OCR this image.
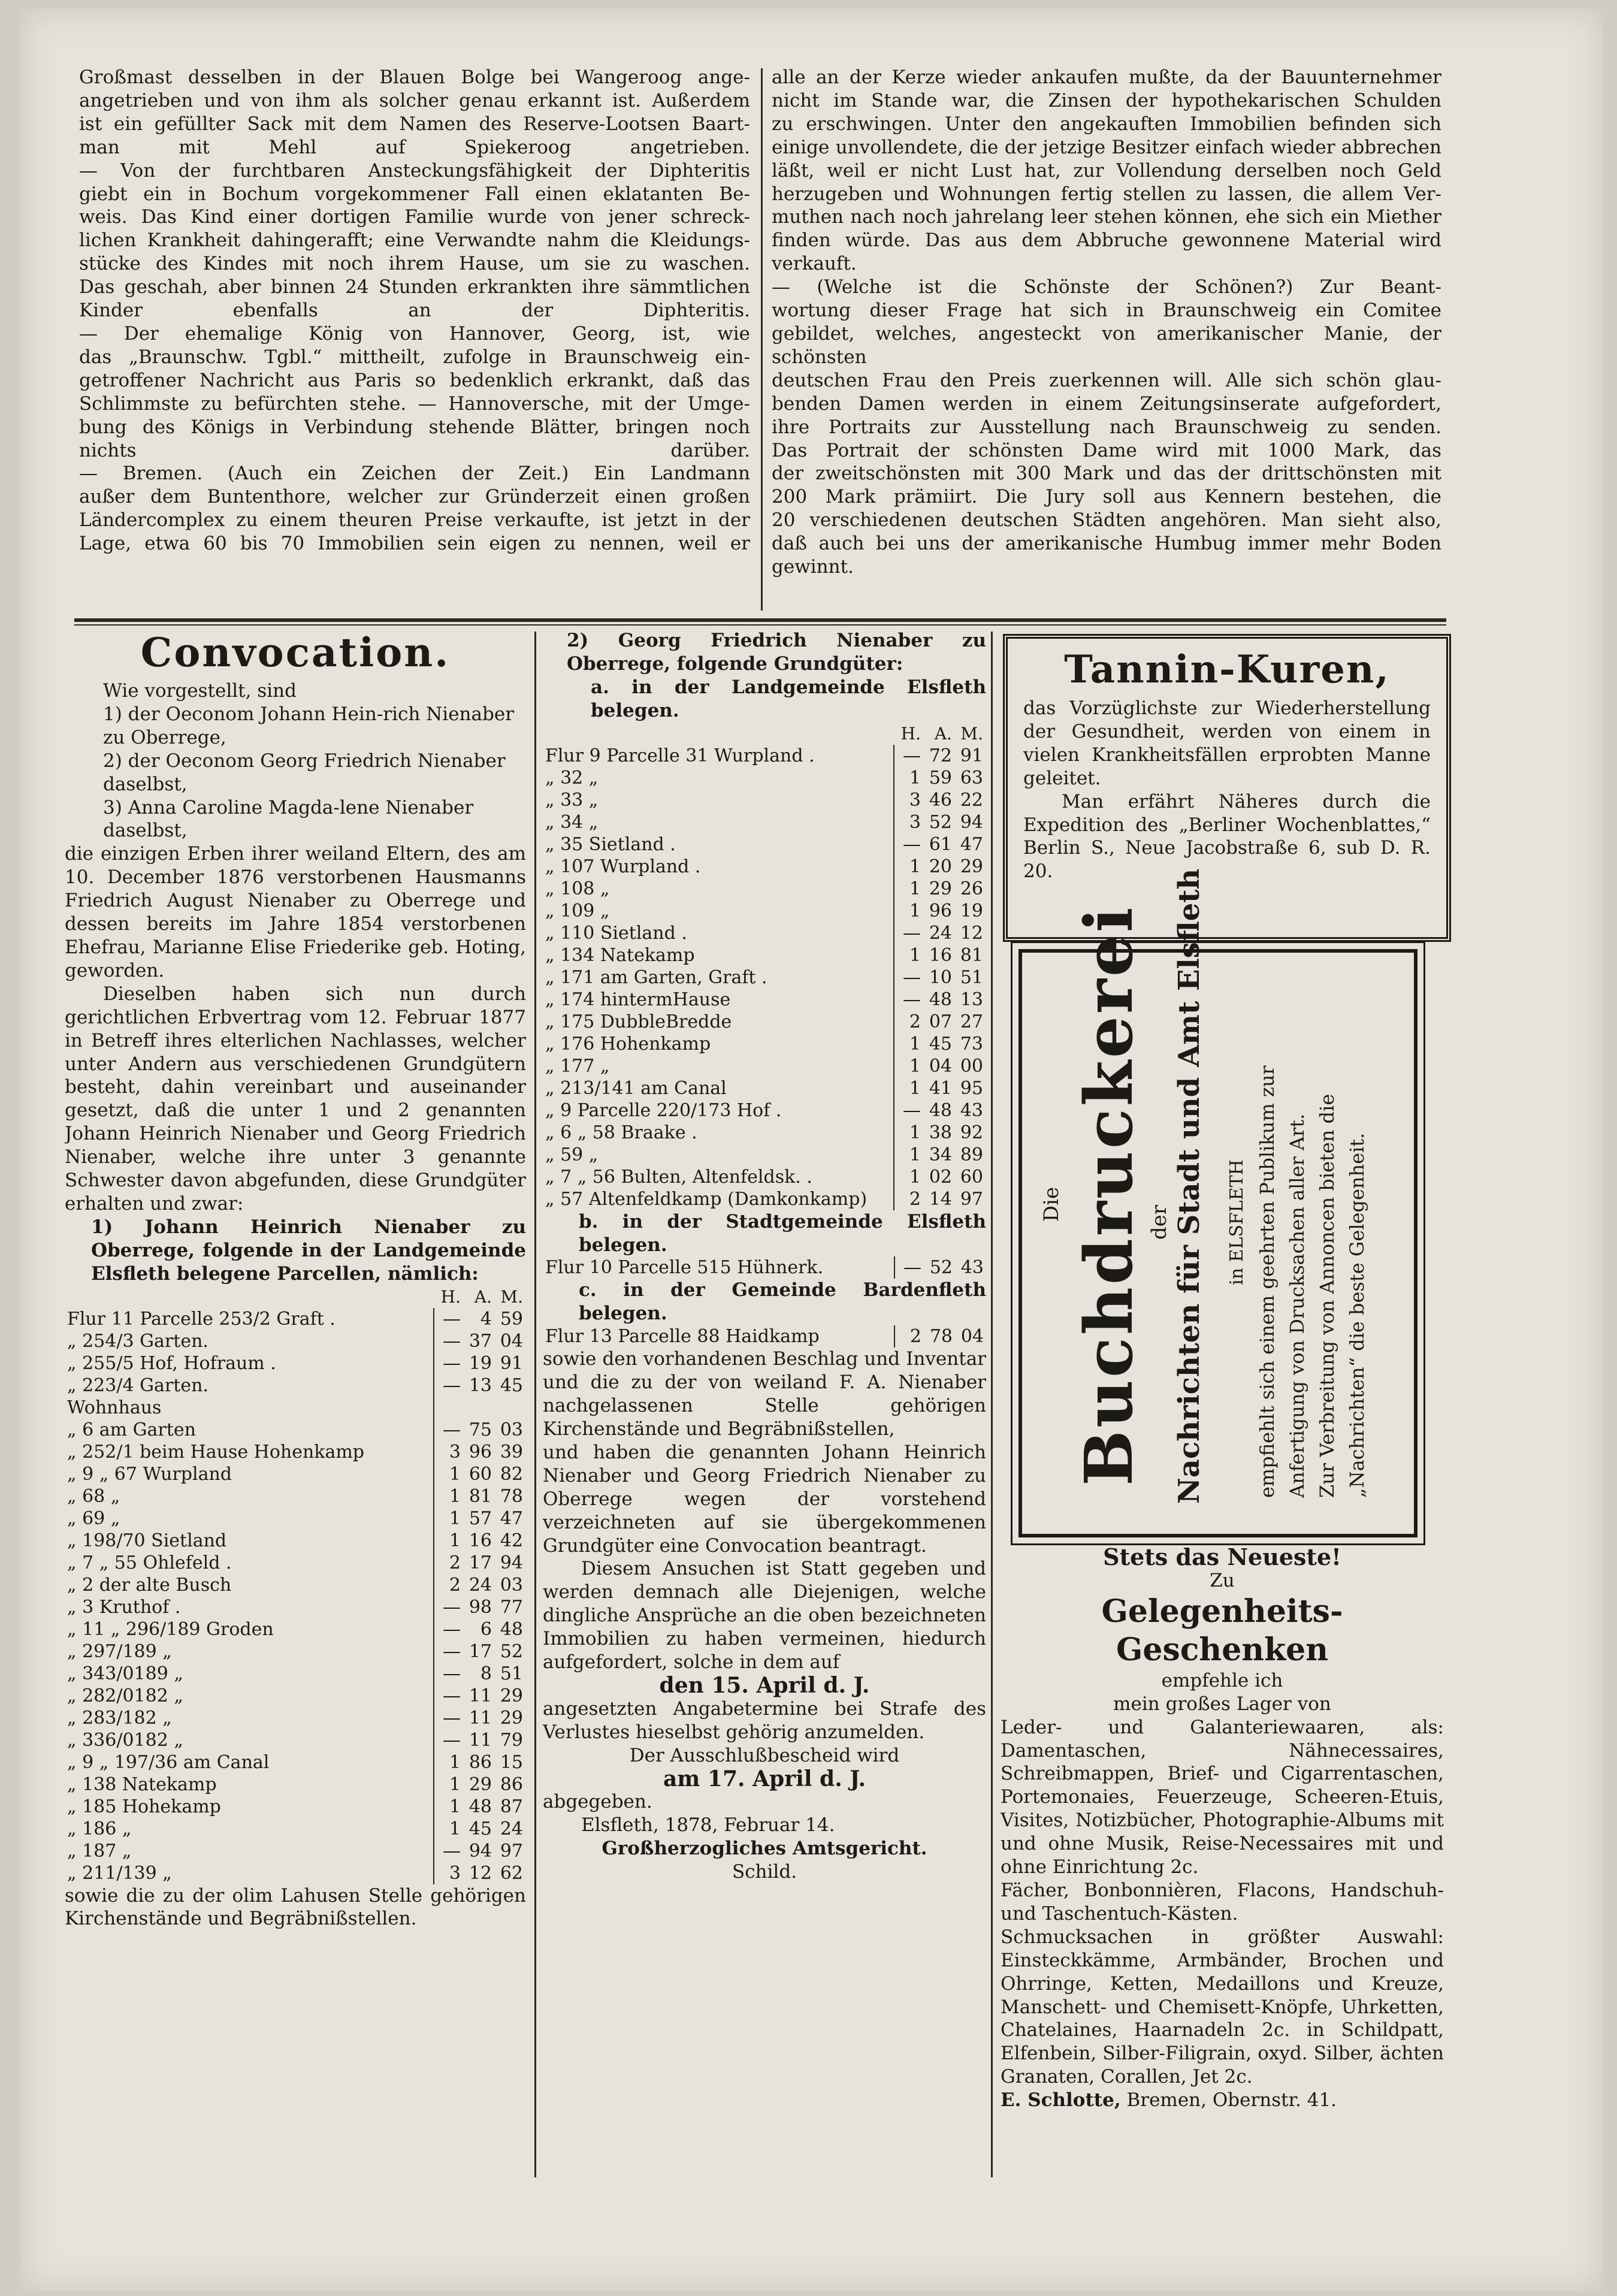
Großmast desselben in der Blauen Bolge bei Wangeroog ange-
angetrieben und von ihm als solcher genau erkannt ist. Außerdem
ist ein gefüllter Sack mit dem Namen des Reserve-Lootsen Baart-
man mit Mehl auf Spiekeroog angetrieben.
— Von der furchtbaren Ansteckungsfähigkeit der Diphteritis
giebt ein in Bochum vorgekommener Fall einen eklatanten Be-
weis. Das Kind einer dortigen Familie wurde von jener schreck-
lichen Krankheit dahingerafft; eine Verwandte nahm die Kleidungs-
stücke des Kindes mit noch ihrem Hause, um sie zu waschen.
Das geschah, aber binnen 24 Stunden erkrankten ihre sämmtlichen
Kinder ebenfalls an der Diphteritis.
— Der ehemalige König von Hannover, Georg, ist, wie
das „Braunschw. Tgbl.“ mittheilt, zufolge in Braunschweig ein-
getroffener Nachricht aus Paris so bedenklich erkrankt, daß das
Schlimmste zu befürchten stehe. — Hannoversche, mit der Umge-
bung des Königs in Verbindung stehende Blätter, bringen noch
nichts darüber.
— Bremen. (Auch ein Zeichen der Zeit.) Ein Landmann
außer dem Buntenthore, welcher zur Gründerzeit einen großen
Ländercomplex zu einem theuren Preise verkaufte, ist jetzt in der
Lage, etwa 60 bis 70 Immobilien sein eigen zu nennen, weil er
alle an der Kerze wieder ankaufen mußte, da der Bauunternehmer
nicht im Stande war, die Zinsen der hypothekarischen Schulden
zu erschwingen. Unter den angekauften Immobilien befinden sich
einige unvollendete, die der jetzige Besitzer einfach wieder abbrechen
läßt, weil er nicht Lust hat, zur Vollendung derselben noch Geld
herzugeben und Wohnungen fertig stellen zu lassen, die allem Ver-
muthen nach noch jahrelang leer stehen können, ehe sich ein Miether
finden würde. Das aus dem Abbruche gewonnene Material wird
verkauft.
— (Welche ist die Schönste der Schönen?) Zur Beant-
wortung dieser Frage hat sich in Braunschweig ein Comitee
gebildet, welches, angesteckt von amerikanischer Manie, der schönsten
deutschen Frau den Preis zuerkennen will. Alle sich schön glau-
benden Damen werden in einem Zeitungsinserate aufgefordert,
ihre Portraits zur Ausstellung nach Braunschweig zu senden.
Das Portrait der schönsten Dame wird mit 1000 Mark, das
der zweitschönsten mit 300 Mark und das der drittschönsten mit
200 Mark prämiirt. Die Jury soll aus Kennern bestehen, die
20 verschiedenen deutschen Städten angehören. Man sieht also,
daß auch bei uns der amerikanische Humbug immer mehr Boden
gewinnt.
Convocation.

Wie vorgestellt, sind

1) der Oeconom Johann Hein-rich Nienaber zu Oberrege,
2) der Oeconom Georg Friedrich Nienaber daselbst,
3) Anna Caroline Magda-lene Nienaber daselbst,

die einzigen Erben ihrer weiland Eltern, des am 10. December 1876 verstorbenen Hausmanns Friedrich August Nienaber zu Oberrege und dessen bereits im Jahre 1854 verstorbenen Ehefrau, Marianne Elise Friederike geb. Hoting, geworden.

Dieselben haben sich nun durch gerichtlichen Erbvertrag vom 12. Februar 1877 in Betreff ihres elterlichen Nachlasses, welcher unter Andern aus verschiedenen Grundgütern besteht, dahin vereinbart und auseinander gesetzt, daß die unter 1 und 2 genannten Johann Heinrich Nienaber und Georg Friedrich Nienaber, welche ihre unter 3 genannte Schwester davon abgefunden, diese Grundgüter erhalten und zwar:

1) Johann Heinrich Nienaber zu Oberrege, folgende in der Landgemeinde Elsfleth belegene Parcellen, nämlich:

	H.	A.	M.
Flur 11 Parcelle 253/2 Graft .	—	4	59
„ 254/3 Garten.	—	37	04
„ 255/5 Hof, Hofraum .	—	19	91
„ 223/4 Garten.	—	13	45
Wohnhaus			
„ 6 am Garten	—	75	03
„ 252/1 beim Hause Hohenkamp	3	96	39
„ 9 „ 67 Wurpland	1	60	82
„ 68 „	1	81	78
„ 69 „	1	57	47
„ 198/70 Sietland	1	16	42
„ 7 „ 55 Ohlefeld .	2	17	94
„ 2 der alte Busch	2	24	03
„ 3 Kruthof .	—	98	77
„ 11 „ 296/189 Groden	—	6	48
„ 297/189 „	—	17	52
„ 343/0189 „	—	8	51
„ 282/0182 „	—	11	29
„ 283/182 „	—	11	29
„ 336/0182 „	—	11	79
„ 9 „ 197/36 am Canal	1	86	15
„ 138 Natekamp	1	29	86
„ 185 Hohekamp	1	48	87
„ 186 „	1	45	24
„ 187 „	—	94	97
„ 211/139 „	3	12	62

sowie die zu der olim Lahusen Stelle gehörigen Kirchenstände und Begräbnißstellen.

2) Georg Friedrich Nienaber zu Oberrege, folgende Grundgüter:

a. in der Landgemeinde Elsfleth belegen.

	H.	A.	M.
Flur 9 Parcelle 31 Wurpland .	—	72	91
„ 32 „	1	59	63
„ 33 „	3	46	22
„ 34 „	3	52	94
„ 35 Sietland .	—	61	47
„ 107 Wurpland .	1	20	29
„ 108 „	1	29	26
„ 109 „	1	96	19
„ 110 Sietland .	—	24	12
„ 134 Natekamp	1	16	81
„ 171 am Garten, Graft .	—	10	51
„ 174 hintermHause	—	48	13
„ 175 DubbleBredde	2	07	27
„ 176 Hohenkamp	1	45	73
„ 177 „	1	04	00
„ 213/141 am Canal	1	41	95
„ 9 Parcelle 220/173 Hof .	—	48	43
„ 6 „ 58 Braake .	1	38	92
„ 59 „	1	34	89
„ 7 „ 56 Bulten, Altenfeldsk. .	1	02	60
„ 57 Altenfeldkamp (Damkonkamp)	2	14	97

b. in der Stadtgemeinde Elsfleth belegen.

Flur 10 Parcelle 515 Hühnerk.	—	52	43

c. in der Gemeinde Bardenfleth belegen.

Flur 13 Parcelle 88 Haidkamp	2	78	04

sowie den vorhandenen Beschlag und Inventar und die zu der von weiland F. A. Nienaber nachgelassenen Stelle gehörigen Kirchenstände und Begräbnißstellen,

und haben die genannten Johann Heinrich Nienaber und Georg Friedrich Nienaber zu Oberrege wegen der vorstehend verzeichneten auf sie übergekommenen Grundgüter eine Convocation beantragt.

Diesem Ansuchen ist Statt gegeben und werden demnach alle Diejenigen, welche dingliche Ansprüche an die oben bezeichneten Immobilien zu haben vermeinen, hiedurch aufgefordert, solche in dem auf

den 15. April d. J.

angesetzten Angabetermine bei Strafe des Verlustes hieselbst gehörig anzumelden.

Der Ausschlußbescheid wird

am 17. April d. J.

abgegeben.

Elsfleth, 1878, Februar 14.

Großherzogliches Amtsgericht.

Schild.

Tannin-Kuren,

das Vorzüglichste zur Wiederherstellung der Gesundheit, werden von einem in vielen Krankheitsfällen erprobten Manne geleitet.

Man erfährt Näheres durch die Expedition des „Berliner Wochenblattes,“ Berlin S., Neue Jacobstraße 6, sub D. R. 20.

Die Buchdruckerei der Nachrichten für Stadt und Amt Elsfleth in ELSFLETH empfiehlt sich einem geehrten Publikum zur Anfertigung von Drucksachen aller Art. Zur Verbreitung von Annoncen bieten die „Nachrichten“ die beste Gelegenheit.

Stets das Neueste!

Zu

Gelegenheits-Geschenken

empfehle ich

mein großes Lager von

Leder- und Galanteriewaaren, als: Damentaschen, Nähnecessaires, Schreibmappen, Brief- und Cigarrentaschen, Portemonaies, Feuerzeuge, Scheeren-Etuis, Visites, Notizbücher, Photographie-Albums mit und ohne Musik, Reise-Necessaires mit und ohne Einrichtung 2c.

Fächer, Bonbonnièren, Flacons, Handschuh- und Taschentuch-Kästen.

Schmucksachen in größter Auswahl: Einsteckkämme, Armbänder, Brochen und Ohrringe, Ketten, Medaillons und Kreuze, Manschett- und Chemisett-Knöpfe, Uhrketten, Chatelaines, Haarnadeln 2c. in Schildpatt, Elfenbein, Silber-Filigrain, oxyd. Silber, ächten Granaten, Corallen, Jet 2c.

E. Schlotte, Bremen, Obernstr. 41.
